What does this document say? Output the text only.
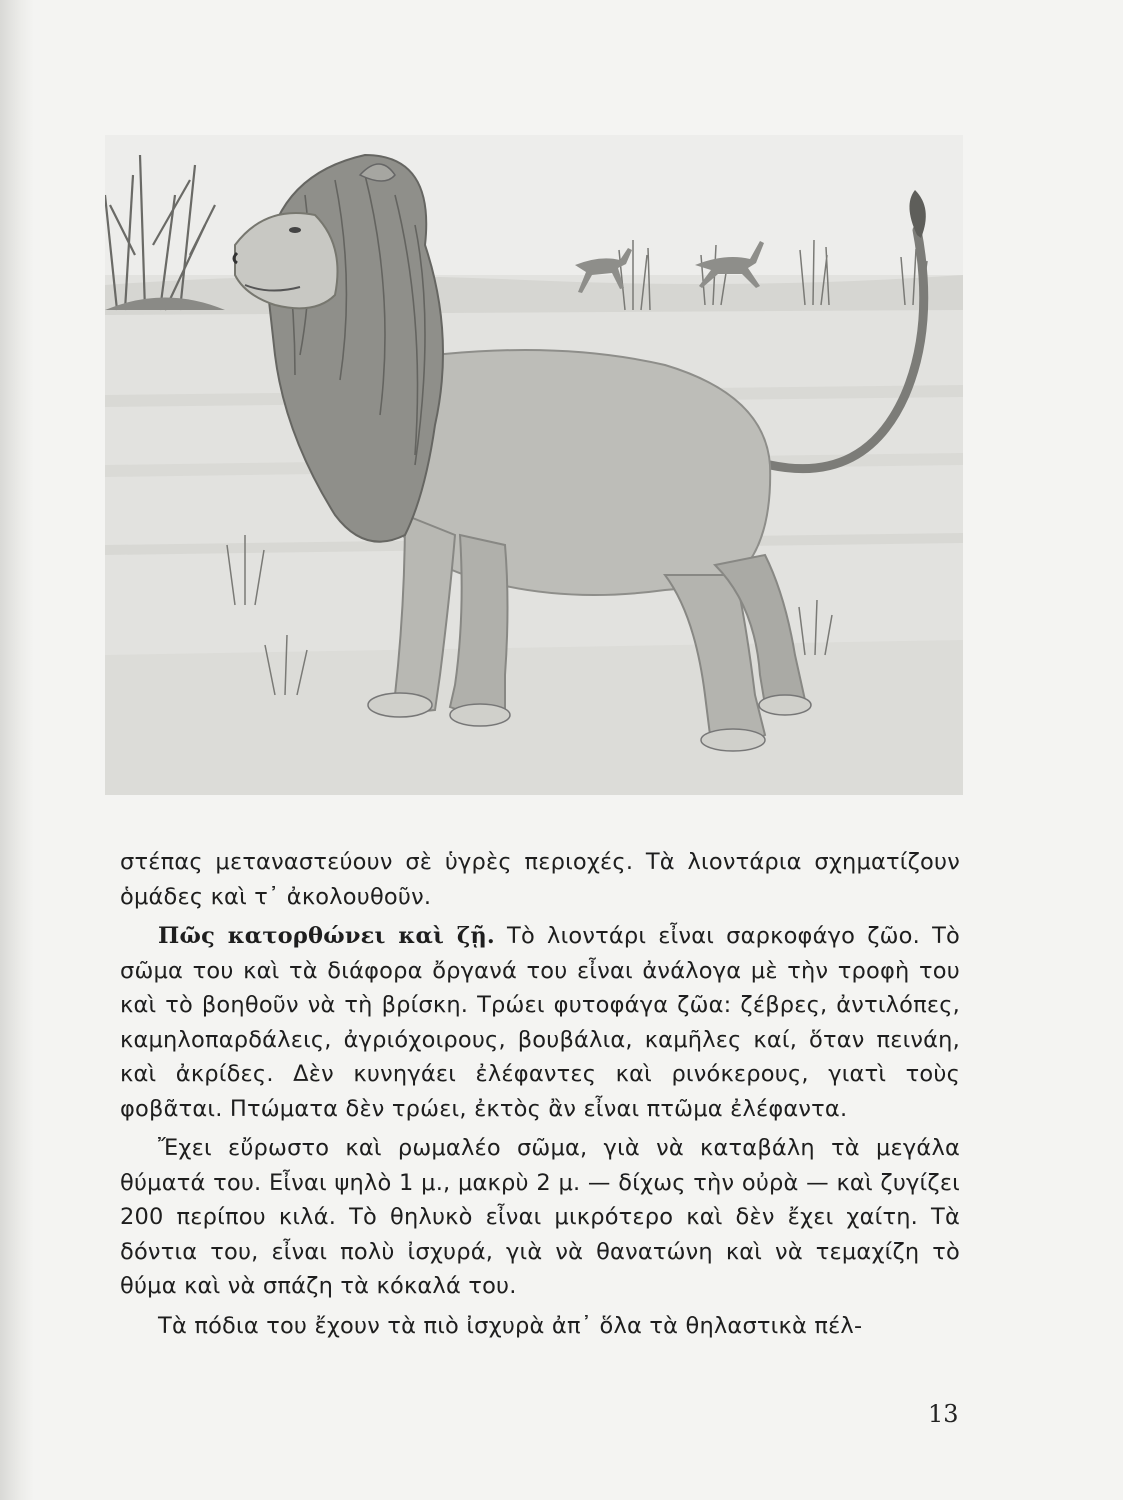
στέπας μεταναστεύουν σὲ ὑγρὲς περιοχές. Τὰ λιοντάρια σχηματίζουν ὁμάδες καὶ τ᾽ ἀκολουθοῦν.

Πῶς κατορθώνει καὶ ζῇ. Τὸ λιοντάρι εἶναι σαρκοφάγο ζῶο. Τὸ σῶμα του καὶ τὰ διάφορα ὄργανά του εἶναι ἀνάλογα μὲ τὴν τροφὴ του καὶ τὸ βοηθοῦν νὰ τὴ βρίσκη. Τρώει φυτοφάγα ζῶα: ζέβρες, ἀντιλόπες, καμηλοπαρδάλεις, ἀγριόχοιρους, βουβάλια, καμῆλες καί, ὅταν πεινάη, καὶ ἀκρίδες. Δὲν κυνηγάει ἐλέφαντες καὶ ρινόκερους, γιατὶ τοὺς φοβᾶται. Πτώματα δὲν τρώει, ἐκτὸς ἂν εἶναι πτῶμα ἐλέφαντα.

Ἔχει εὔρωστο καὶ ρωμαλέο σῶμα, γιὰ νὰ καταβάλη τὰ μεγάλα θύματά του. Εἶναι ψηλὸ 1 μ., μακρὺ 2 μ. — δίχως τὴν οὐρὰ — καὶ ζυγίζει 200 περίπου κιλά. Τὸ θηλυκὸ εἶναι μικρότερο καὶ δὲν ἔχει χαίτη. Τὰ δόντια του, εἶναι πολὺ ἰσχυρά, γιὰ νὰ θανατώνη καὶ νὰ τεμαχίζη τὸ θύμα καὶ νὰ σπάζη τὰ κόκαλά του.

Τὰ πόδια του ἔχουν τὰ πιὸ ἰσχυρὰ ἀπ᾽ ὅλα τὰ θηλαστικὰ πέλ-

13
